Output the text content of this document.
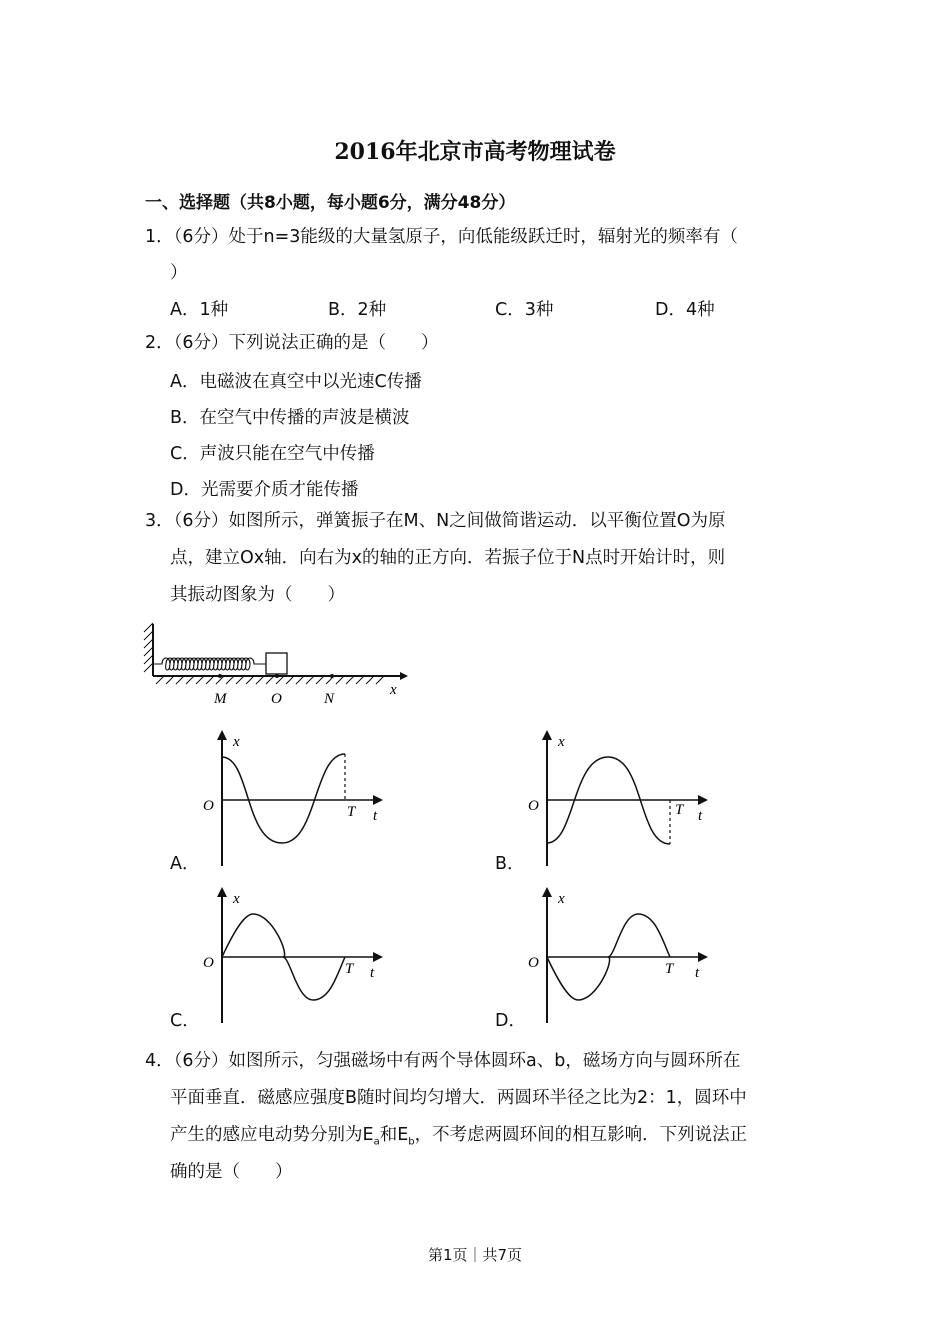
2016年北京市高考物理试卷
一、选择题（共8小题，每小题6分，满分48分）
1．（6分）处于n=3能级的大量氢原子，向低能级跃迁时，辐射光的频率有（
）
A．1种	B．2种	C．3种	D．4种
2．（6分）下列说法正确的是（　　）
A．电磁波在真空中以光速C传播
B．在空气中传播的声波是横波
C．声波只能在空气中传播
D．光需要介质才能传播
3．（6分）如图所示，弹簧振子在M、N之间做简谐运动．以平衡位置O为原
点，建立Ox轴．向右为x的轴的正方向．若振子位于N点时开始计时，则
其振动图象为（　　）
M	O	N
x
A．
x
O	T t
B．
x
O	T t
C．
x
O	T t
D．
x
O	T t
4．（6分）如图所示，匀强磁场中有两个导体圆环a、b，磁场方向与圆环所在
平面垂直．磁感应强度B随时间均匀增大．两圆环半径之比为2：1，圆环中
产生的感应电动势分别为$E_a$和$E_b$，不考虑两圆环间的相互影响．下列说法正
确的是（　　）
第1页｜共7页
